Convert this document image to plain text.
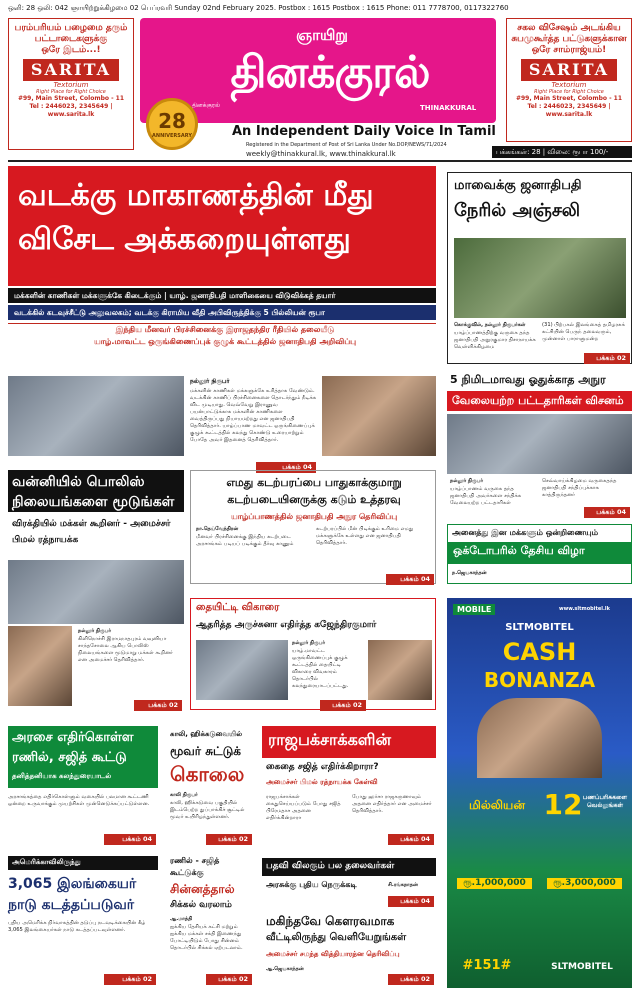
ஒளி: 28 ஒலி: 042 ஞாயிற்றுக்கிழமை 02 பெப்ரவரி Sunday 02nd February 2025. Postbox : 1615 Postbox : 1615 Phone: 011 7778700, 0117322760
பரம்பரியம் பழைமை தரும்
பட்டாடைகளுக்கு
ஒரே இடம்...!
SARITA
Textorium
Right Place for Right Choice
#99, Main Street, Colombo - 11
Tel : 2446023, 2345649 | www.sarita.lk
சகல விசேஷம் அடங்கிய
சுபமுகூர்த்த பட்டுகளுக்கான
ஒரே சாம்ராஜ்யம்!
SARITA
Textorium
Right Place for Right Choice
#99, Main Street, Colombo - 11
Tel : 2446023, 2345649 | www.sarita.lk
ஞாயிறு
தினக்குரல்
தினக்குரல்	THINAKKURAL
28
ANNIVERSARY	An Independent Daily Voice In Tamil
Registered in the Department of Post of Sri Lanka Under No.DOP/NEWS/71/2024
weekly@thinakkural.lk, www.thinakkural.lk	பக்கங்கள்: 28 | விலை: ரூபா 100/-
வடக்கு மாகாணத்தின் மீது விசேட அக்கறையுள்ளது
மக்களின் காணிகள் மக்களுக்கே கிடைக்கும் | யாழ். ஜனாதிபதி மாளிகையை விடுவிக்கத் தயார்
வடக்கில் கடவுச்சீட்டு அலுவலகம்; வடக்கு கிராமிய வீதி அபிவிருத்திக்கு 5 பில்லியன் ரூபா
இந்திய மீனவர் பிரச்சினைக்கு இராஜதந்திர ரீதியில் தலையீடு
யாழ்.மாவட்ட ஒருங்கிணைப்புக் குழுக் கூட்டத்தில் ஜனாதிபதி அறிவிப்பு
நல்லூர் நிருபர்
மக்களின் காணிகள் மக்களுக்கே உரித்தாக வேண்டும். வடக்கின் காணிப் பிரச்சினைகளை தொடர்ந்தும் நீடிக்க விட முடியாது. வெவ்வேறு இராணுவ பயன்பாட்டுக்காக மக்களின் காணிகளை வைத்திருப்பது நியாயமற்றது என ஜனாதிபதி தெரிவித்தார். யாழ்ப்பாண மாவட்ட ஒருங்கிணைப்புக் குழுக் கூட்டத்தில் கலந்து கொண்டு உரையாற்றும் போதே அவர் இதனைத் தெரிவித்தார்.
பக்கம் 04
மாவைக்கு ஜனாதிபதி
நேரில் அஞ்சலி
கொக்குவில், நல்லூர் நிருபர்கள்
யாழ்ப்பாணத்திற்கு வருகை தந்த ஜனாதிபதி அநுரகுமார திசாநாயக்க வெள்ளிக்கிழமை
(31) பிற்பகல் இலங்கைத் தமிழரசுக் கட்சியின் பெருந் தலைவரும், முன்னாள் பாராளுமன்ற
பக்கம் 02
5 நிமிடமாவது ஓதுக்காத அநுர
வேலையற்ற பட்டதாரிகள் விசனம்
நல்லூர் நிருபர்
யாழ்ப்பாணம் வருகை தந்த ஜனாதிபதி அவர்களை சந்திக்க வேலையற்ற பட்டதாரிகள்
செவ்வாய்க்கிழமை வருகைதந்த ஜனாதிபதி சந்திப்புக்காக காத்திருந்தனர்
பக்கம் 04
அனைத்து இன மக்களும் ஒன்றிணையும்
ஒக்டோபரில் தேசிய விழா
ந.ஜெயகாந்தன்
வன்னியில் பொலிஸ் நிலையங்களை மூடுங்கள்
விரக்தியில் மக்கள் கூறினர் - அமைச்சர் பிமல் ரத்நாயக்க
நல்லூர் நிருபர்
கிளிநொச்சி இராமநாதபுரம் வவுனியா சாந்தசோலை ஆகிய பொலிஸ் நிலையங்களை மூடுமாறு மக்கள் கூறினர் என அமைச்சர் தெரிவித்தார்.
பக்கம் 02
எமது கடற்பரப்பை பாதுகாக்குமாறு கடற்படையினருக்கு கடும் உத்தரவு
யாழ்ப்பாணத்தில் ஜனாதிபதி அநுர தெரிவிப்பு
நா.தெய்வேந்திரன்
மீனவர் பிரச்சினைக்கு இந்திய கடற்படை அரசாங்கம் படியப் படிக்கும் தீர்வு காணும்
கடற்பரப்பில் மீன் பிடிக்கும் உரிமை எமது மக்களுக்கே உள்ளது என ஜனாதிபதி தெரிவித்தார்.
பக்கம் 04
தையிட்டி விகாரை
ஆதரித்த அருச்சுனா எதிர்த்த கஜேந்திரகுமார்
நல்லூர் நிருபர்
யாழ்.மாவட்ட ஒருங்கிணைப்புக் குழுக் கூட்டத்தில் தையிட்டி விகாரை விவகாரம் தொடர்பில் கலந்துரையாடப்பட்டது.
பக்கம் 02
அரசை எதிர்கொள்ள
ரணில், சஜித் கூட்டு
தனித்தனியாக கலந்துரையாடல்
அரசாங்கத்தை எதிர்கொள்ளும் வகையில் பலமான கூட்டணி ஒன்றை உருவாக்கும் முயற்சிகள் முன்னெடுக்கப்பட்டுள்ளன.
பக்கம் 04
அமெரிக்காவிலிருந்து
3,065 இலங்கையர் நாடு கடத்தப்படுவர்
புதிய அமெரிக்க நிர்வாகத்தின் தடுப்பு நடவடிக்கையின் கீழ் 3,065 இலங்கையர்கள் நாடு கடத்தப்படவுள்ளனர்.
பக்கம் 02
காலி, ஹிக்கடுவையில்
மூவர் சுட்டுக்
கொலை
காலி நிருபர்
காலி, ஹிக்கடுவை பகுதியில் இடம்பெற்ற துப்பாக்கிச் சூட்டில் மூவர் உயிரிழந்துள்ளனர்.
பக்கம் 02
ரணில் - சஜித்
கூட்டுக்கு
சின்னத்தால்
சிக்கல் வரலாம்
ஆ.மாத்தி
ஐக்கிய தேசியக் கட்சி மற்றும் ஐக்கிய மக்கள் சக்தி இணைந்து போட்டியிடும் போது சின்னம் தொடர்பில் சிக்கல் ஏற்படலாம்.
பக்கம் 02
ராஜபக்சாக்களின்
கைதை சஜித் எதிர்க்கிறாரா?
அமைச்சர் பிமல் ரத்நாயக்க கேள்வி
ராஜபக்சாக்கள் கைதுசெய்யப்படும் போது சஜித் பிரேமதாச அதனை எதிர்க்கின்றாரா
போது ஹர்சா ராஜகருணாவும் அதனை எதிர்த்தார் என அமைச்சர் தெரிவித்தார்.
பக்கம் 04
பதவி விலகும் பல தலைவர்கள்
அரசுக்கு புதிய நெருக்கடி	சி.ரங்கநாதன்
பக்கம் 04
மகிந்தவே கௌரவமாக
வீட்டிலிருந்து வெளியேறுங்கள்
அமைச்சர் சமந்த வித்தியாரத்ன தெரிவிப்பு
ஆ.ஜெயகாந்தன்
பக்கம் 02
MOBILE	www.sltmobitel.lk
SLTMOBITEL
CASH
BONANZA
மில்லியன் 12 பணப்பரிசுகளை வெல்லுங்கள்
ரூ.1,000,000	ரூ.3,000,000
#151#	SLTMOBITEL
